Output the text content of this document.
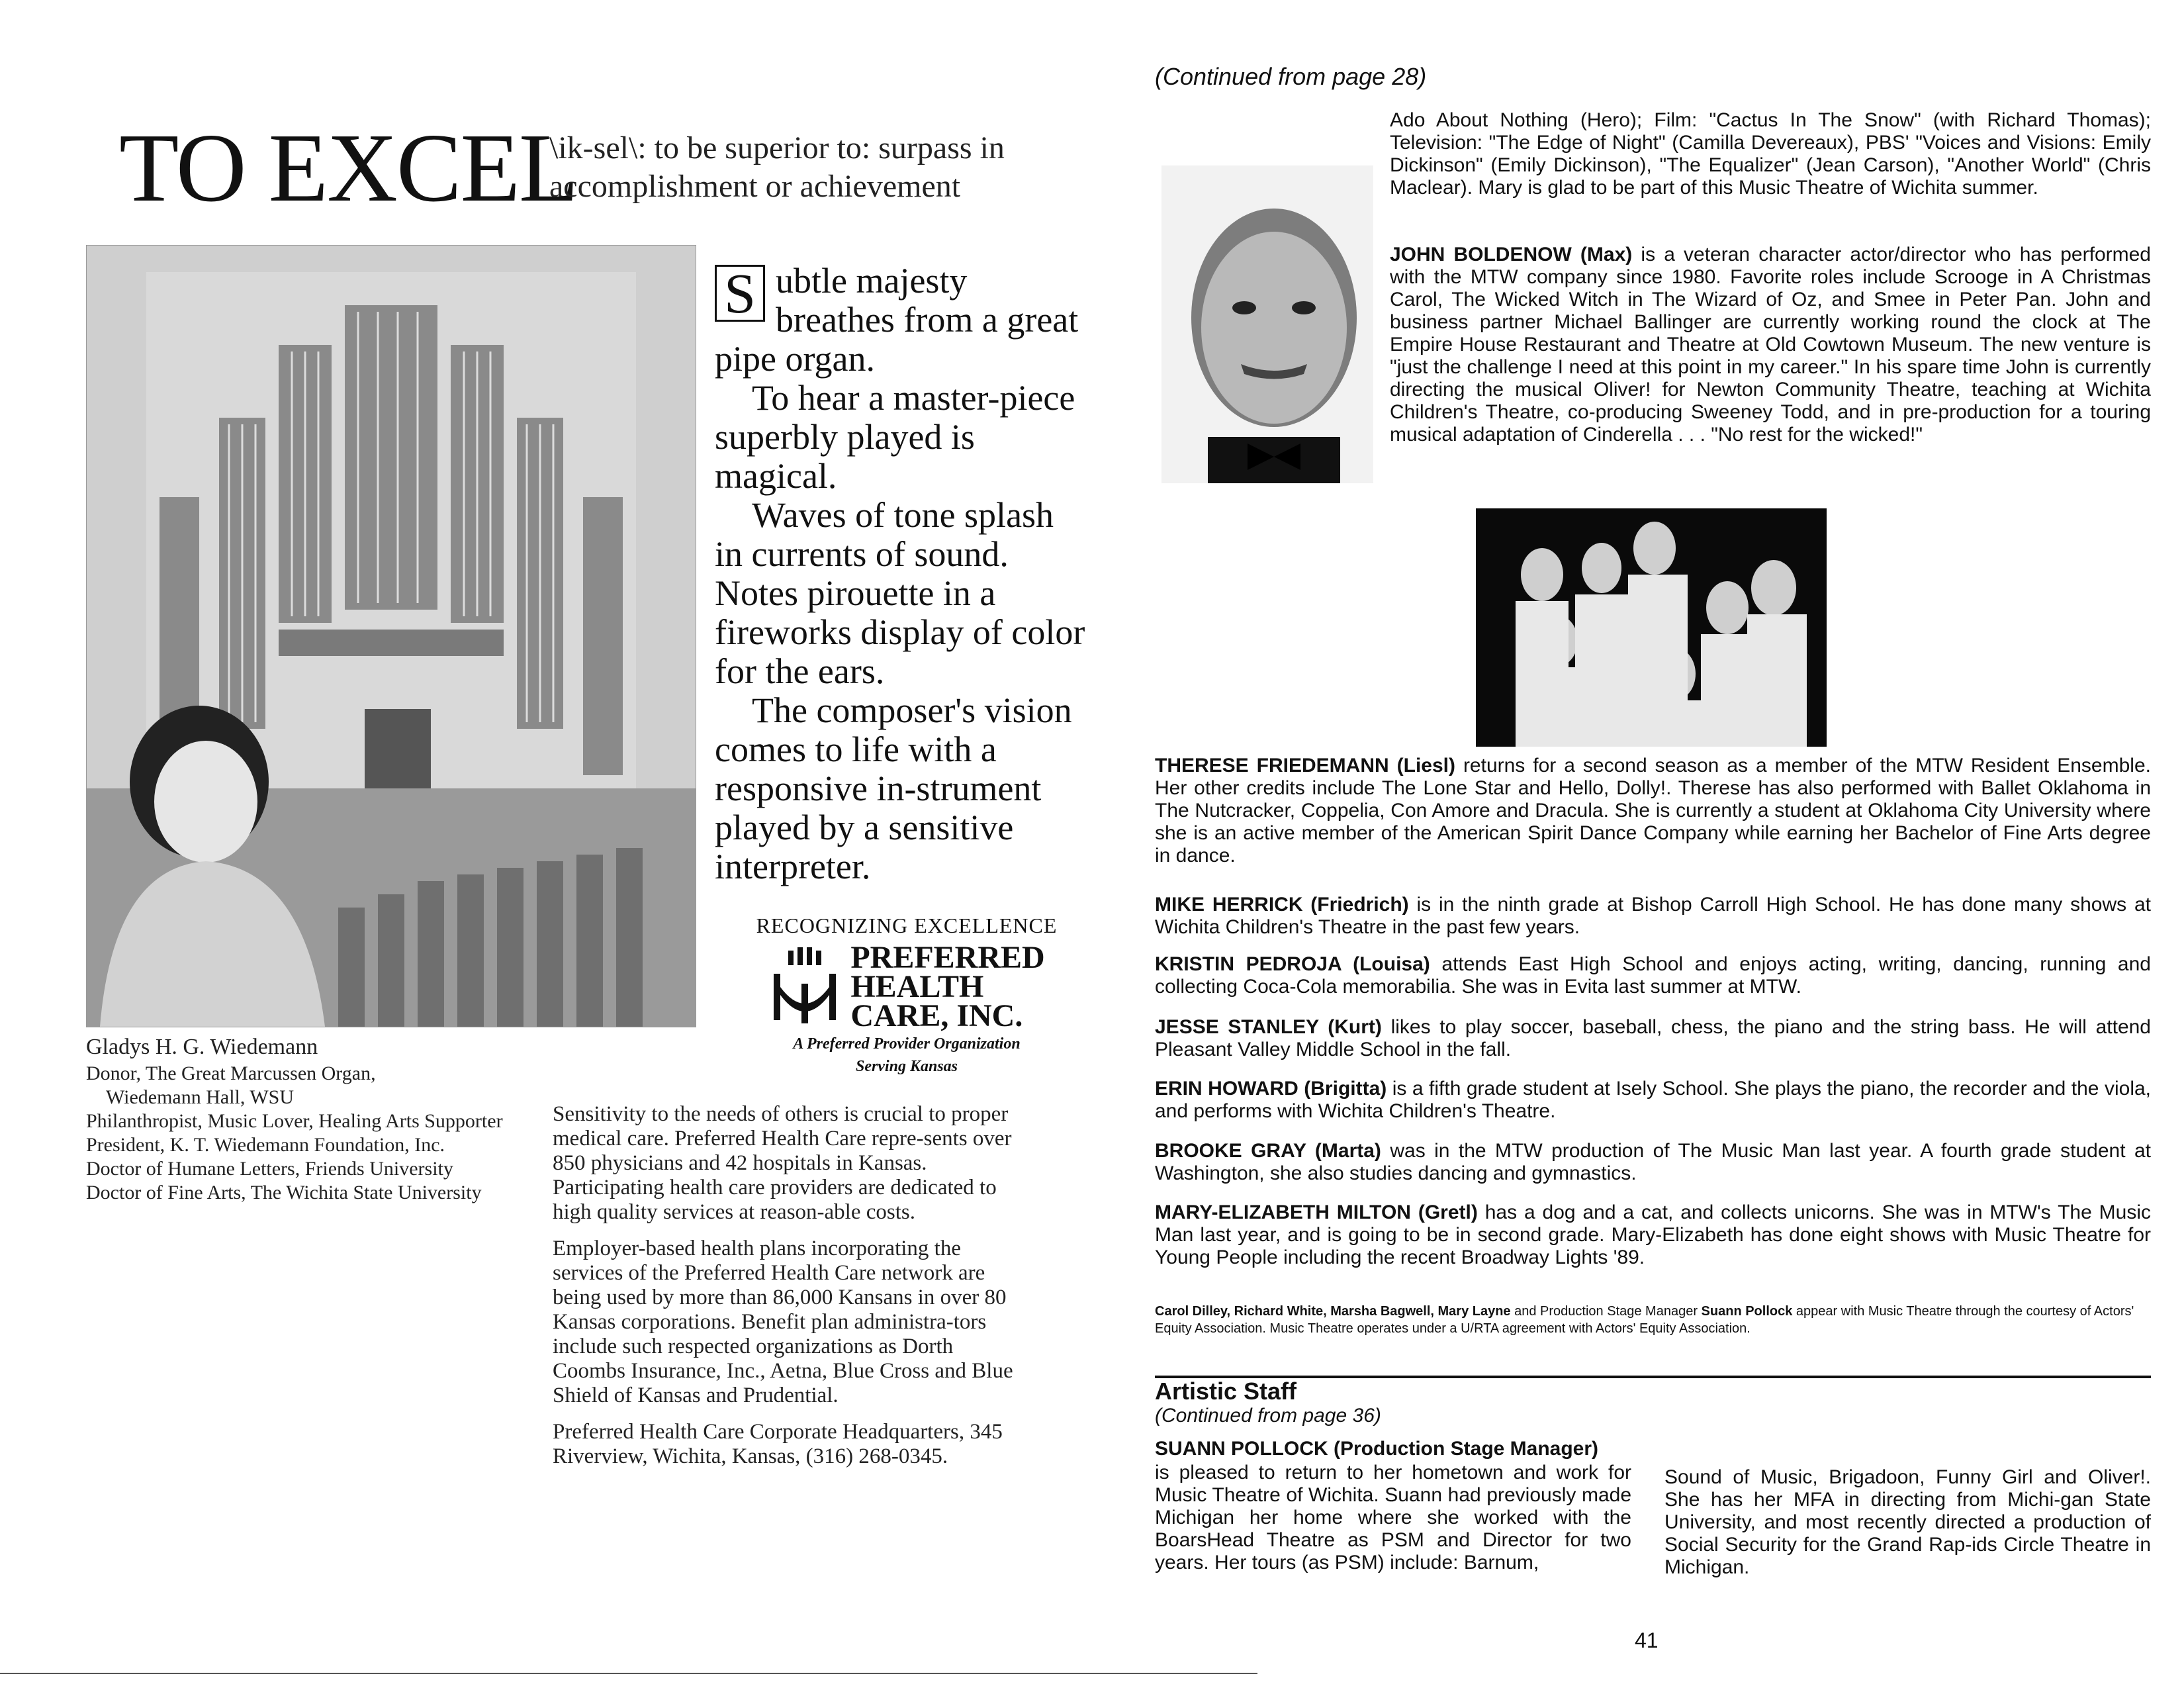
TO EXCEL
\ik-sel\: to be superior to: surpass in accomplishment or achievement
Gladys H. G. Wiedemann
Donor, The Great Marcussen Organ,
Wiedemann Hall, WSU
Philanthropist, Music Lover, Healing Arts Supporter
President, K. T. Wiedemann Foundation, Inc.
Doctor of Humane Letters, Friends University
Doctor of Fine Arts, The Wichita State University

S ubtle majesty breathes from a great pipe organ.

To hear a master-piece superbly played is magical.

Waves of tone splash in currents of sound. Notes pirouette in a fireworks display of color for the ears.

The composer's vision comes to life with a responsive in-strument played by a sensitive interpreter.

RECOGNIZING EXCELLENCE
PREFERRED
HEALTH
CARE, INC.
A Preferred Provider Organization
Serving Kansas

Sensitivity to the needs of others is crucial to proper medical care. Preferred Health Care repre-sents over 850 physicians and 42 hospitals in Kansas. Participating health care providers are dedicated to high quality services at reason-able costs.

Employer-based health plans incorporating the services of the Preferred Health Care network are being used by more than 86,000 Kansans in over 80 Kansas corporations. Benefit plan administra-tors include such respected organizations as Dorth Coombs Insurance, Inc., Aetna, Blue Cross and Blue Shield of Kansas and Prudential.

Preferred Health Care Corporate Headquarters, 345 Riverview, Wichita, Kansas, (316) 268-0345.

(Continued from page 28)
Ado About Nothing (Hero); Film: "Cactus In The Snow" (with Richard Thomas); Television: "The Edge of Night" (Camilla Devereaux), PBS' "Voices and Visions: Emily Dickinson" (Emily Dickinson), "The Equalizer" (Jean Carson), "Another World" (Chris Maclear). Mary is glad to be part of this Music Theatre of Wichita summer.
JOHN BOLDENOW (Max) is a veteran character actor/director who has performed with the MTW company since 1980. Favorite roles include Scrooge in A Christmas Carol, The Wicked Witch in The Wizard of Oz, and Smee in Peter Pan. John and business partner Michael Ballinger are currently working round the clock at The Empire House Restaurant and Theatre at Old Cowtown Museum. The new venture is "just the challenge I need at this point in my career." In his spare time John is currently directing the musical Oliver! for Newton Community Theatre, teaching at Wichita Children's Theatre, co-producing Sweeney Todd, and in pre-production for a touring musical adaptation of Cinderella . . . "No rest for the wicked!"

THERESE FRIEDEMANN (Liesl) returns for a second season as a member of the MTW Resident Ensemble. Her other credits include The Lone Star and Hello, Dolly!. Therese has also performed with Ballet Oklahoma in The Nutcracker, Coppelia, Con Amore and Dracula. She is currently a student at Oklahoma City University where she is an active member of the American Spirit Dance Company while earning her Bachelor of Fine Arts degree in dance.

MIKE HERRICK (Friedrich) is in the ninth grade at Bishop Carroll High School. He has done many shows at Wichita Children's Theatre in the past few years.

KRISTIN PEDROJA (Louisa) attends East High School and enjoys acting, writing, dancing, running and collecting Coca-Cola memorabilia. She was in Evita last summer at MTW.

JESSE STANLEY (Kurt) likes to play soccer, baseball, chess, the piano and the string bass. He will attend Pleasant Valley Middle School in the fall.

ERIN HOWARD (Brigitta) is a fifth grade student at Isely School. She plays the piano, the recorder and the viola, and performs with Wichita Children's Theatre.

BROOKE GRAY (Marta) was in the MTW production of The Music Man last year. A fourth grade student at Washington, she also studies dancing and gymnastics.

MARY-ELIZABETH MILTON (Gretl) has a dog and a cat, and collects unicorns. She was in MTW's The Music Man last year, and is going to be in second grade. Mary-Elizabeth has done eight shows with Music Theatre for Young People including the recent Broadway Lights '89.

Carol Dilley, Richard White, Marsha Bagwell, Mary Layne and Production Stage Manager Suann Pollock appear with Music Theatre through the courtesy of Actors' Equity Association. Music Theatre operates under a U/RTA agreement with Actors' Equity Association.
Artistic Staff
(Continued from page 36)
SUANN POLLOCK (Production Stage Manager)
is pleased to return to her hometown and work for Music Theatre of Wichita. Suann had previously made Michigan her home where she worked with the BoarsHead Theatre as PSM and Director for two years. Her tours (as PSM) include: Barnum,
Sound of Music, Brigadoon, Funny Girl and Oliver!. She has her MFA in directing from Michi-gan State University, and most recently directed a production of Social Security for the Grand Rap-ids Circle Theatre in Michigan.
41
